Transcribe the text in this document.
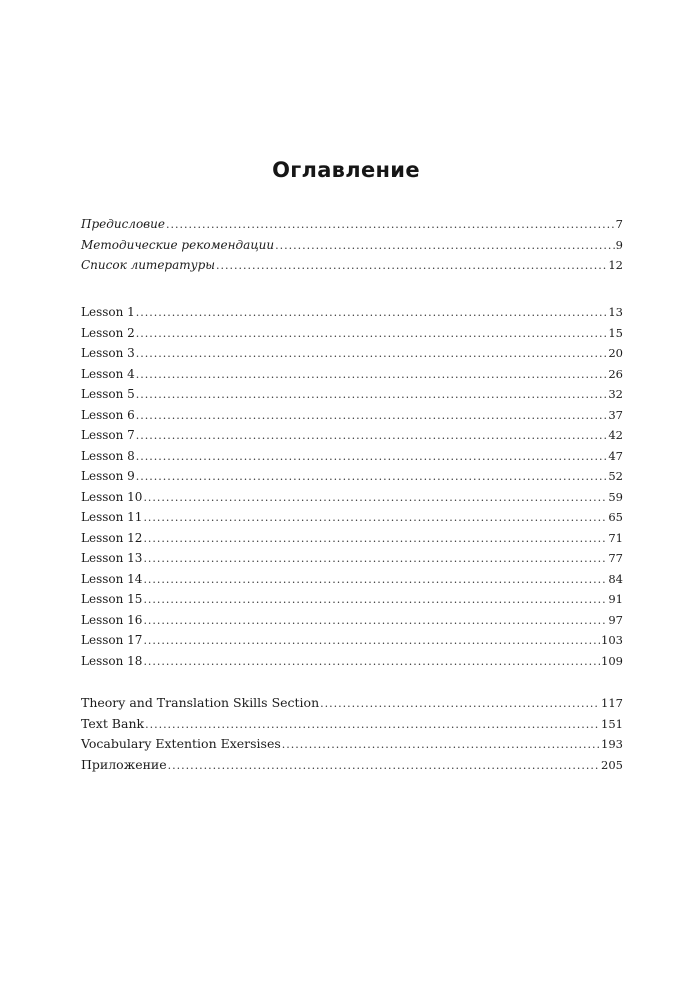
Оглавление
Предисловие .....	7
Методические рекомендации .....	9
Список литературы .....	12
Lesson 1 .....	13
Lesson 2 .....	15
Lesson 3 .....	20
Lesson 4 .....	26
Lesson 5 .....	32
Lesson 6 .....	37
Lesson 7 .....	42
Lesson 8 .....	47
Lesson 9 .....	52
Lesson 10 .....	59
Lesson 11 .....	65
Lesson 12 .....	71
Lesson 13 .....	77
Lesson 14 .....	84
Lesson 15 .....	91
Lesson 16 .....	97
Lesson 17 .....	103
Lesson 18 .....	109
Theory and Translation Skills Section .....	117
Text Bank .....	151
Vocabulary Extention Exersises .....	193
Приложение .....	205
